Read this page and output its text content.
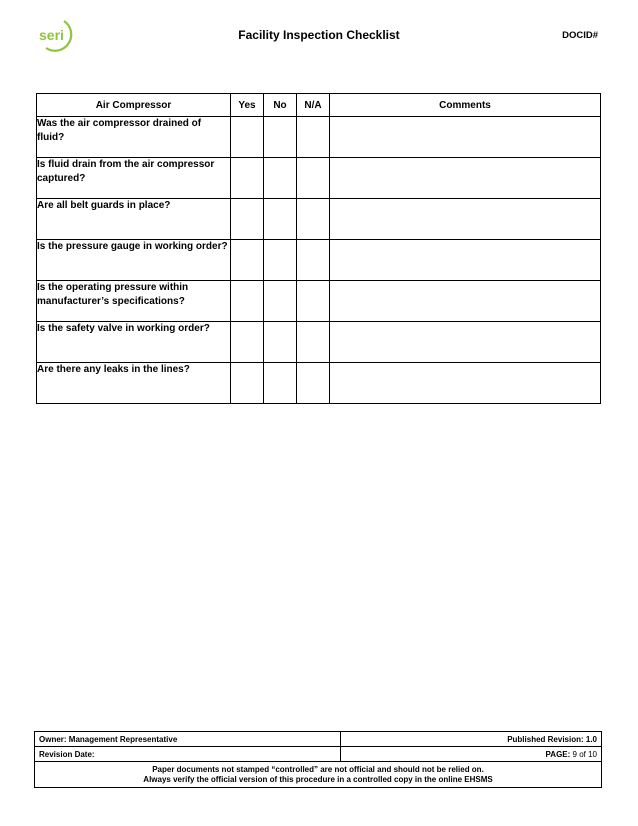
seri	Facility Inspection Checklist	DOCID#
Air Compressor	Yes	No	N/A	Comments
Was the air compressor drained of fluid?				
Is fluid drain from the air compressor captured?				
Are all belt guards in place?				
Is the pressure gauge in working order?				
Is the operating pressure within manufacturer’s specifications?				
Is the safety valve in working order?				
Are there any leaks in the lines?				
Owner: Management Representative	Published Revision: 1.0
Revision Date:	PAGE: 9 of 10

Paper documents not stamped “controlled” are not official and should not be relied on.
Always verify the official version of this procedure in a controlled copy in the online EHSMS	
